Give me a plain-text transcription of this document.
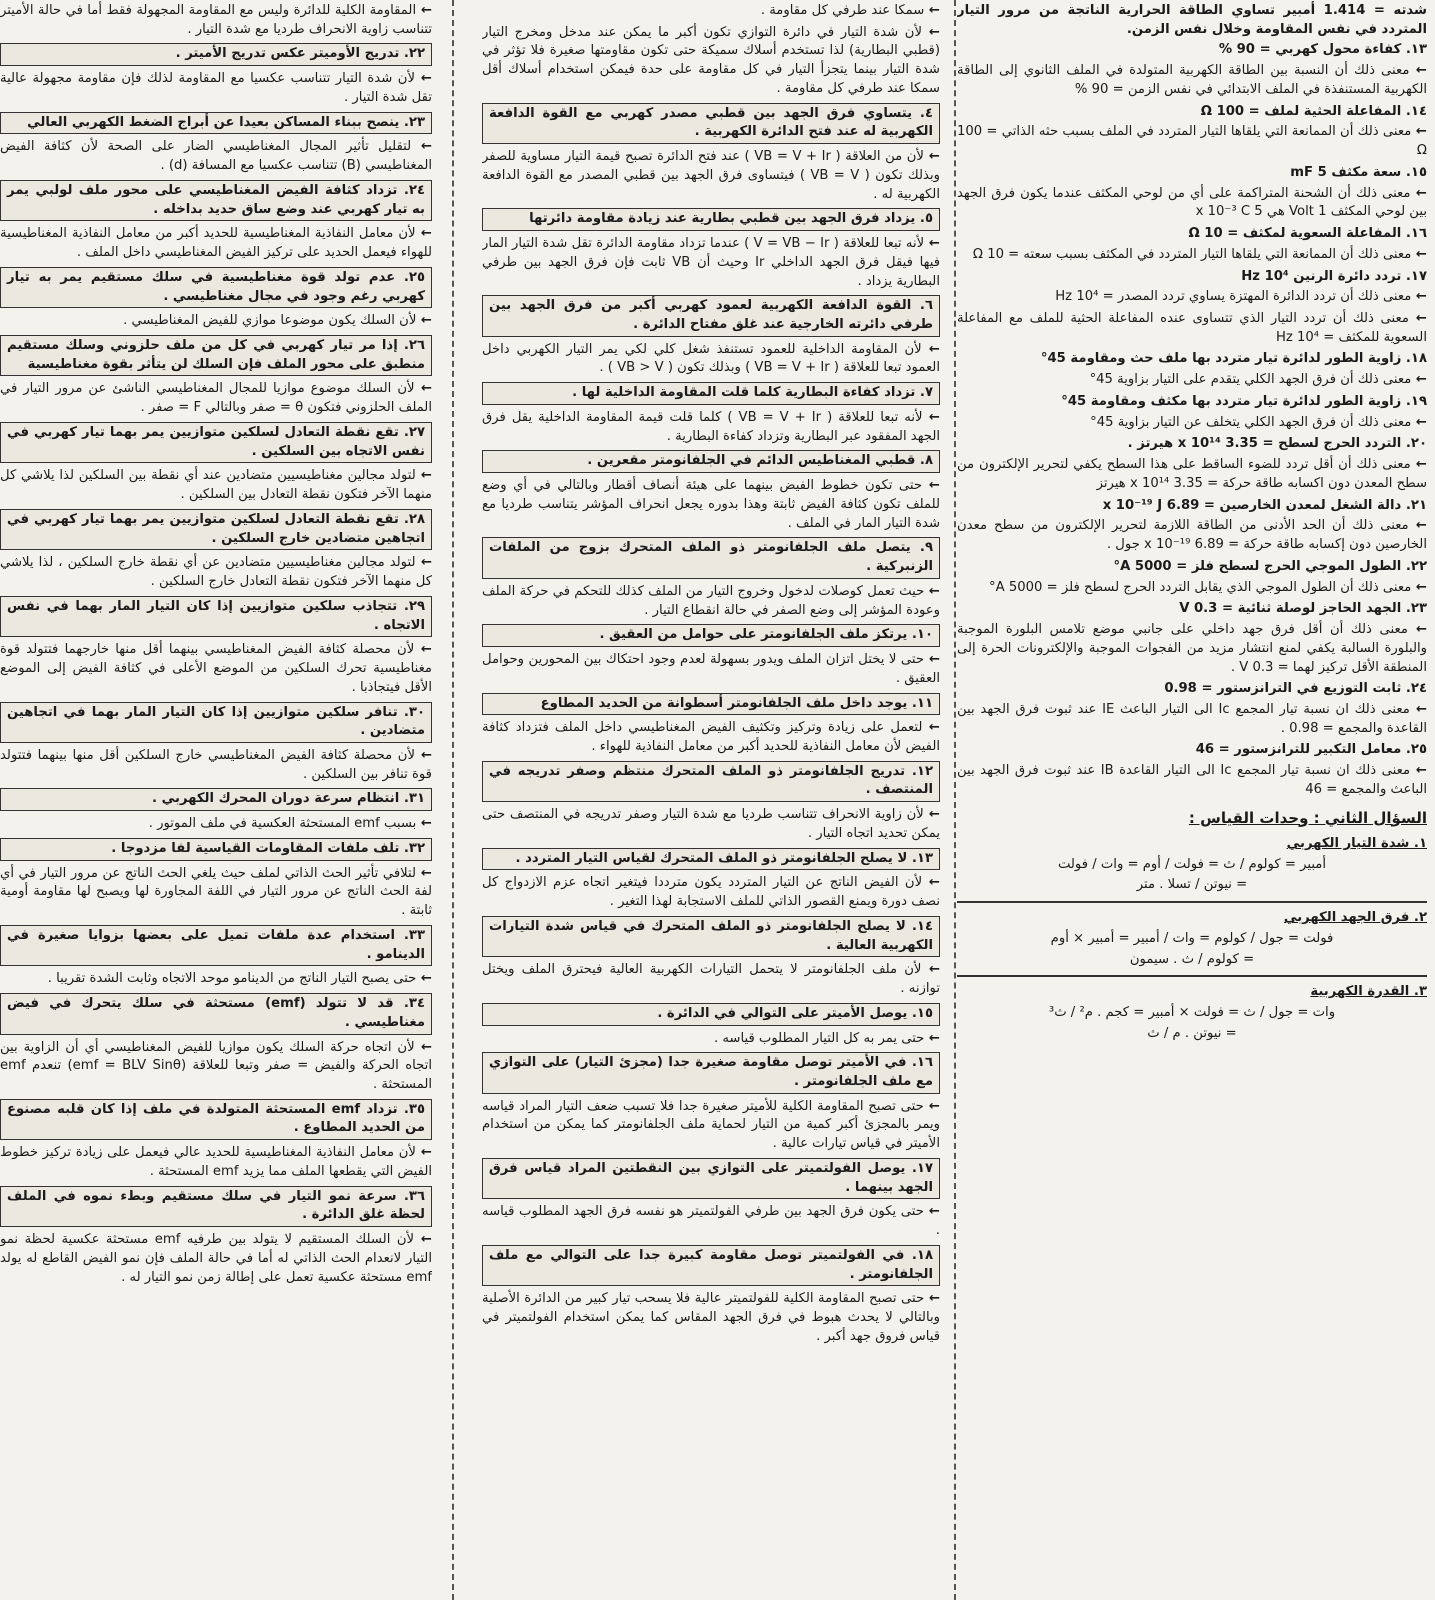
شدته = 1.414 أمبير تساوي الطاقة الحرارية الناتجة من مرور التيار المتردد في نفس المقاومة وخلال نفس الزمن.
١٣. كفاءة محول كهربي = 90 %
← معنى ذلك أن النسبة بين الطاقة الكهربية المتولدة في الملف الثانوي إلى الطاقة الكهربية المستنفذة في الملف الابتدائي في نفس الزمن = 90 %
١٤. المفاعلة الحثية لملف = 100 Ω
← معنى ذلك أن الممانعة التي يلقاها التيار المتردد في الملف بسبب حثه الذاتي = 100 Ω
١٥. سعة مكثف 5 mF
← معنى ذلك أن الشحنة المتراكمة على أي من لوحي المكثف عندما يكون فرق الجهد بين لوحي المكثف 1 Volt هي 5 x 10⁻³ C
١٦. المفاعلة السعوية لمكثف = 10 Ω
← معنى ذلك أن الممانعة التي يلقاها التيار المتردد في المكثف بسبب سعته = 10 Ω
١٧. تردد دائرة الرنين 10⁴ Hz
← معنى ذلك أن تردد الدائرة المهتزة يساوي تردد المصدر = 10⁴ Hz
← معنى ذلك أن تردد التيار الذي تتساوى عنده المفاعلة الحثية للملف مع المفاعلة السعوية للمكثف = 10⁴ Hz
١٨. زاوية الطور لدائرة تيار متردد بها ملف حث ومقاومة 45°
← معنى ذلك أن فرق الجهد الكلي يتقدم على التيار بزاوية 45°
١٩. زاوية الطور لدائرة تيار متردد بها مكثف ومقاومة 45°
← معنى ذلك أن فرق الجهد الكلي يتخلف عن التيار بزاوية 45°
٢٠. التردد الحرج لسطح = 3.35 x 10¹⁴ هيرتز .
← معنى ذلك أن أقل تردد للضوء الساقط على هذا السطح يكفي لتحرير الإلكترون من سطح المعدن دون اكسابه طاقة حركة = 3.35 x 10¹⁴ هيرتز
٢١. دالة الشغل لمعدن الخارصين = 6.89 x 10⁻¹⁹ J
← معنى ذلك أن الحد الأدنى من الطاقة اللازمة لتحرير الإلكترون من سطح معدن الخارصين دون إكسابه طاقة حركة = 6.89 x 10⁻¹⁹ جول .
٢٢. الطول الموجي الحرج لسطح فلز = 5000 A°
← معنى ذلك أن الطول الموجي الذي يقابل التردد الحرج لسطح فلز = 5000 A°
٢٣. الجهد الحاجز لوصلة ثنائية = 0.3 V
← معنى ذلك أن أقل فرق جهد داخلي على جانبي موضع تلامس البلورة الموجبة والبلورة السالبة يكفي لمنع انتشار مزيد من الفجوات الموجبة والإلكترونات الحرة إلى المنطقة الأقل تركيز لهما = 0.3 V .
٢٤. ثابت التوزيع في الترانزستور = 0.98
← معنى ذلك ان نسبة تيار المجمع Ic الى التيار الباعث IE عند ثبوت فرق الجهد بين القاعدة والمجمع = 0.98 .
٢٥. معامل التكبير للترانزستور = 46
← معنى ذلك ان نسبة تيار المجمع Ic الى التيار القاعدة IB عند ثبوت فرق الجهد بين الباعث والمجمع = 46
السؤال الثاني : وحدات القياس :
١. شدة التيار الكهربي
أمبير = كولوم / ث = فولت / أوم = وات / فولت
= نيوتن / تسلا . متر
٢. فرق الجهد الكهربي
فولت = جول / كولوم = وات / أمبير = أمبير × أوم
= كولوم / ث . سيمون
٣. القدرة الكهربية
وات = جول / ث = فولت × أمبير = كجم . م² / ث³
= نيوتن . م / ث
← سمكا عند طرفي كل مقاومة .
← لأن شدة التيار في دائرة التوازي تكون أكبر ما يمكن عند مدخل ومخرج التيار (قطبي البطارية) لذا تستخدم أسلاك سميكة حتى تكون مقاومتها صغيرة فلا تؤثر في شدة التيار بينما يتجزأ التيار في كل مقاومة على حدة فيمكن استخدام أسلاك أقل سمكا عند طرفي كل مقاومة .
٤. يتساوي فرق الجهد بين قطبي مصدر كهربي مع القوة الدافعة الكهربية له عند فتح الدائرة الكهربية .
← لأن من العلاقة ( VB = V + Ir ) عند فتح الدائرة تصبح قيمة التيار مساوية للصفر وبذلك تكون ( VB = V ) فيتساوى فرق الجهد بين قطبي المصدر مع القوة الدافعة الكهربية له .
٥. يزداد فرق الجهد بين قطبي بطارية عند زيادة مقاومة دائرتها
← لأنه تبعا للعلاقة ( V = VB − Ir ) عندما تزداد مقاومة الدائرة تقل شدة التيار المار فيها فيقل فرق الجهد الداخلي Ir وحيث أن VB ثابت فإن فرق الجهد بين طرفي البطارية يزداد .
٦. القوة الدافعة الكهربية لعمود كهربي أكبر من فرق الجهد بين طرفي دائرته الخارجية عند غلق مفتاح الدائرة .
← لأن المقاومة الداخلية للعمود تستنفذ شغل كلي لكي يمر التيار الكهربي داخل العمود تبعا للعلاقة ( VB = V + Ir ) وبذلك تكون ( VB > V ) .
٧. تزداد كفاءة البطارية كلما قلت المقاومة الداخلية لها .
← لأنه تبعا للعلاقة ( VB = V + Ir ) كلما قلت قيمة المقاومة الداخلية يقل فرق الجهد المفقود عبر البطارية وتزداد كفاءة البطارية .
٨. قطبي المغناطيس الدائم في الجلفانومتر مقعرين .
← حتى تكون خطوط الفيض بينهما على هيئة أنصاف أقطار وبالتالي في أي وضع للملف تكون كثافة الفيض ثابتة وهذا بدوره يجعل انحراف المؤشر يتناسب طرديا مع شدة التيار المار في الملف .
٩. يتصل ملف الجلفانومتر ذو الملف المتحرك بزوج من الملفات الزنبركية .
← حيث تعمل كوصلات لدخول وخروج التيار من الملف كذلك للتحكم في حركة الملف وعودة المؤشر إلى وضع الصفر في حالة انقطاع التيار .
١٠. يرتكز ملف الجلفانومتر على حوامل من العقيق .
← حتى لا يختل اتزان الملف ويدور بسهولة لعدم وجود احتكاك بين المحورين وحوامل العقيق .
١١. يوجد داخل ملف الجلفانومتر أسطوانة من الحديد المطاوع
← لتعمل على زيادة وتركيز وتكثيف الفيض المغناطيسي داخل الملف فتزداد كثافة الفيض لأن معامل النفاذية للحديد أكبر من معامل النفاذية للهواء .
١٢. تدريج الجلفانومتر ذو الملف المتحرك منتظم وصفر تدريجه في المنتصف .
← لأن زاوية الانحراف تتناسب طرديا مع شدة التيار وصفر تدريجه في المنتصف حتى يمكن تحديد اتجاه التيار .
١٣. لا يصلح الجلفانومتر ذو الملف المتحرك لقياس التيار المتردد .
← لأن الفيض الناتج عن التيار المتردد يكون مترددا فيتغير اتجاه عزم الازدواج كل نصف دورة ويمنع القصور الذاتي للملف الاستجابة لهذا التغير .
١٤. لا يصلح الجلفانومتر ذو الملف المتحرك في قياس شدة التيارات الكهربية العالية .
← لأن ملف الجلفانومتر لا يتحمل التيارات الكهربية العالية فيحترق الملف ويختل توازنه .
١٥. يوصل الأميتر على التوالي في الدائرة .
← حتى يمر به كل التيار المطلوب قياسه .
١٦. في الأميتر توصل مقاومة صغيرة جدا (مجزئ التيار) على التوازي مع ملف الجلفانومتر .
← حتى تصبح المقاومة الكلية للأميتر صغيرة جدا فلا تسبب ضعف التيار المراد قياسه ويمر بالمجزئ أكبر كمية من التيار لحماية ملف الجلفانومتر كما يمكن من استخدام الأميتر في قياس تيارات عالية .
١٧. يوصل الفولتميتر على التوازي بين النقطتين المراد قياس فرق الجهد بينهما .
← حتى يكون فرق الجهد بين طرفي الفولتميتر هو نفسه فرق الجهد المطلوب قياسه .
١٨. في الفولتميتر توصل مقاومة كبيرة جدا على التوالي مع ملف الجلفانومتر .
← حتى تصبح المقاومة الكلية للفولتميتر عالية فلا يسحب تيار كبير من الدائرة الأصلية وبالتالي لا يحدث هبوط في فرق الجهد المقاس كما يمكن استخدام الفولتميتر في قياس فروق جهد أكبر .
← المقاومة الكلية للدائرة وليس مع المقاومة المجهولة فقط أما في حالة الأميتر تتناسب زاوية الانحراف طرديا مع شدة التيار .
٢٢. تدريج الأوميتر عكس تدريج الأميتر .
← لأن شدة التيار تتناسب عكسيا مع المقاومة لذلك فإن مقاومة مجهولة عالية تقل شدة التيار .
٢٣. ينصح ببناء المساكن بعيدا عن أبراج الضغط الكهربي العالي
← لتقليل تأثير المجال المغناطيسي الضار على الصحة لأن كثافة الفيض المغناطيسي (B) تتناسب عكسيا مع المسافة (d) .
٢٤. تزداد كثافة الفيض المغناطيسي على محور ملف لولبي يمر به تيار كهربي عند وضع ساق حديد بداخله .
← لأن معامل النفاذية المغناطيسية للحديد أكبر من معامل النفاذية المغناطيسية للهواء فيعمل الحديد على تركيز الفيض المغناطيسي داخل الملف .
٢٥. عدم تولد قوة مغناطيسية في سلك مستقيم يمر به تيار كهربي رغم وجود في مجال مغناطيسي .
← لأن السلك يكون موضوعا موازي للفيض المغناطيسي .
٢٦. إذا مر تيار كهربي في كل من ملف حلزوني وسلك مستقيم منطبق على محور الملف فإن السلك لن يتأثر بقوة مغناطيسية
← لأن السلك موضوع موازيا للمجال المغناطيسي الناشئ عن مرور التيار في الملف الحلزوني فتكون θ = صفر وبالتالي F = صفر .
٢٧. تقع نقطة التعادل لسلكين متوازيين يمر بهما تيار كهربي في نفس الاتجاه بين السلكين .
← لتولد مجالين مغناطيسيين متضادين عند أي نقطة بين السلكين لذا يلاشي كل منهما الآخر فتكون نقطة التعادل بين السلكين .
٢٨. تقع نقطة التعادل لسلكين متوازيين يمر بهما تيار كهربي في اتجاهين متضادين خارج السلكين .
← لتولد مجالين مغناطيسيين متضادين عن أي نقطة خارج السلكين ، لذا يلاشي كل منهما الآخر فتكون نقطة التعادل خارج السلكين .
٢٩. تتجاذب سلكين متوازيين إذا كان التيار المار بهما في نفس الاتجاه .
← لأن محصلة كثافة الفيض المغناطيسي بينهما أقل منها خارجهما فتتولد قوة مغناطيسية تحرك السلكين من الموضع الأعلى في كثافة الفيض إلى الموضع الأقل فيتجاذبا .
٣٠. تنافر سلكين متوازيين إذا كان التيار المار بهما في اتجاهين متضادين .
← لأن محصلة كثافة الفيض المغناطيسي خارج السلكين أقل منها بينهما فتتولد قوة تنافر بين السلكين .
٣١. انتظام سرعة دوران المحرك الكهربي .
← بسبب emf المستحثة العكسية في ملف الموتور .
٣٢. تلف ملفات المقاومات القياسية لفا مزدوجا .
← لتلافي تأثير الحث الذاتي لملف حيث يلغي الحث الناتج عن مرور التيار في أي لفة الحث الناتج عن مرور التيار في اللفة المجاورة لها ويصبح لها مقاومة أومية ثابتة .
٣٣. استخدام عدة ملفات تميل على بعضها بزوايا صغيرة في الدينامو .
← حتى يصبح التيار الناتج من الدينامو موحد الاتجاه وثابت الشدة تقريبا .
٣٤. قد لا تتولد (emf) مستحثة في سلك يتحرك في فيض مغناطيسي .
← لأن اتجاه حركة السلك يكون موازيا للفيض المغناطيسي أي أن الزاوية بين اتجاه الحركة والفيض = صفر وتبعا للعلاقة (emf = BLV Sinθ) تنعدم emf المستحثة .
٣٥. تزداد emf المستحثة المتولدة في ملف إذا كان قلبه مصنوع من الحديد المطاوع .
← لأن معامل النفاذية المغناطيسية للحديد عالي فيعمل على زيادة تركيز خطوط الفيض التي يقطعها الملف مما يزيد emf المستحثة .
٣٦. سرعة نمو التيار في سلك مستقيم وبطء نموه في الملف لحظة غلق الدائرة .
← لأن السلك المستقيم لا يتولد بين طرفيه emf مستحثة عكسية لحظة نمو التيار لانعدام الحث الذاتي له أما في حالة الملف فإن نمو الفيض القاطع له يولد emf مستحثة عكسية تعمل على إطالة زمن نمو التيار له .
